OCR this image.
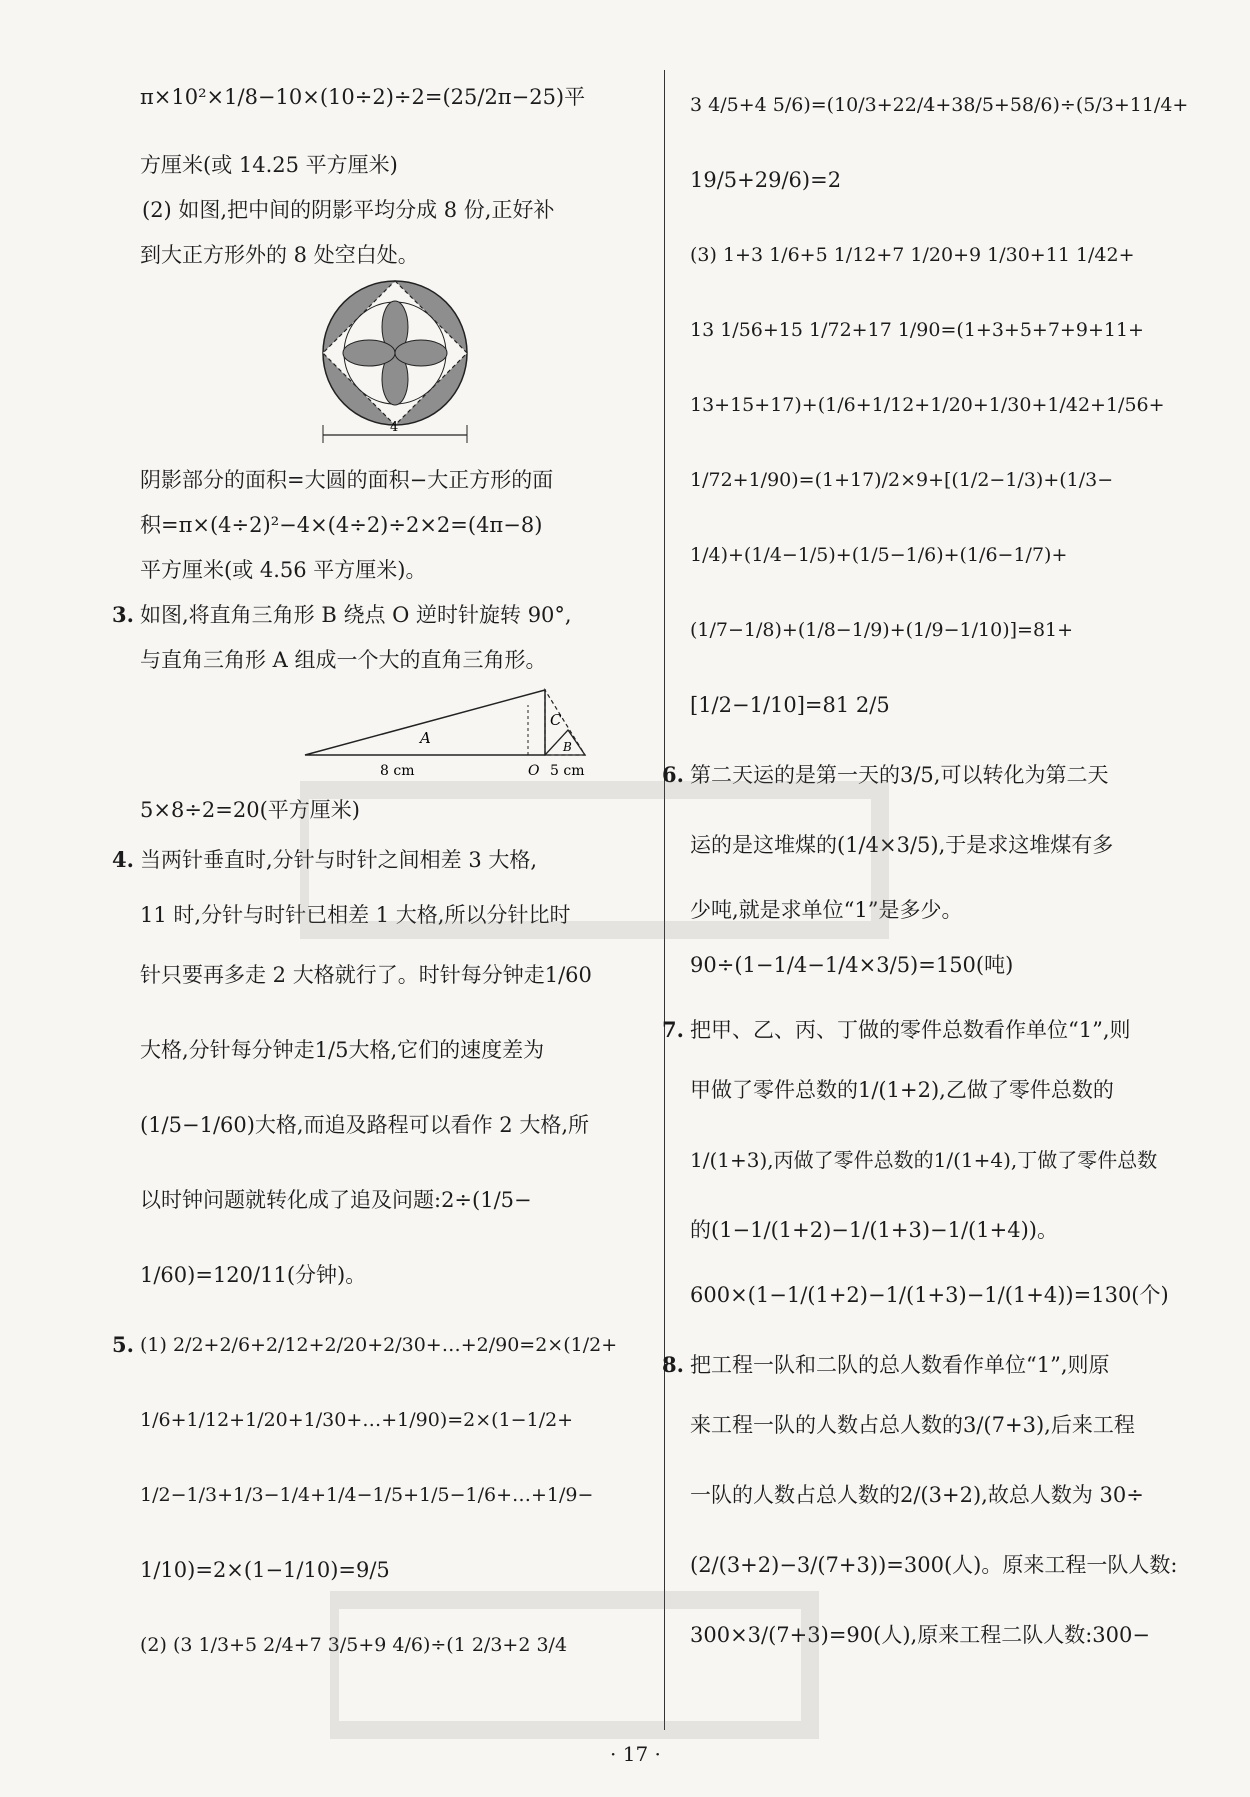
π×10²×1/8−10×(10÷2)÷2=(25/2π−25)平
方厘米(或 14.25 平方厘米)
(2) 如图,把中间的阴影平均分成 8 份,正好补
到大正方形外的 8 处空白处。
4
阴影部分的面积=大圆的面积−大正方形的面
积=π×(4÷2)²−4×(4÷2)÷2×2=(4π−8)
平方厘米(或 4.56 平方厘米)。
3. 如图,将直角三角形 B 绕点 O 逆时针旋转 90°,
与直角三角形 A 组成一个大的直角三角形。
A
C
B
O
8 cm	5 cm
5×8÷2=20(平方厘米)
4. 当两针垂直时,分针与时针之间相差 3 大格,
11 时,分针与时针已相差 1 大格,所以分针比时
针只要再多走 2 大格就行了。时针每分钟走1/60
大格,分针每分钟走1/5大格,它们的速度差为
(1/5−1/60)大格,而追及路程可以看作 2 大格,所
以时钟问题就转化成了追及问题:2÷(1/5−
1/60)=120/11(分钟)。
5. (1) 2/2+2/6+2/12+2/20+2/30+…+2/90=2×(1/2+
1/6+1/12+1/20+1/30+…+1/90)=2×(1−1/2+
1/2−1/3+1/3−1/4+1/4−1/5+1/5−1/6+…+1/9−
1/10)=2×(1−1/10)=9/5
(2) (3 1/3+5 2/4+7 3/5+9 4/6)÷(1 2/3+2 3/4
3 4/5+4 5/6)=(10/3+22/4+38/5+58/6)÷(5/3+11/4+
19/5+29/6)=2
(3) 1+3 1/6+5 1/12+7 1/20+9 1/30+11 1/42+
13 1/56+15 1/72+17 1/90=(1+3+5+7+9+11+
13+15+17)+(1/6+1/12+1/20+1/30+1/42+1/56+
1/72+1/90)=(1+17)/2×9+[(1/2−1/3)+(1/3−
1/4)+(1/4−1/5)+(1/5−1/6)+(1/6−1/7)+
(1/7−1/8)+(1/8−1/9)+(1/9−1/10)]=81+
[1/2−1/10]=81 2/5
6. 第二天运的是第一天的3/5,可以转化为第二天
运的是这堆煤的(1/4×3/5),于是求这堆煤有多
少吨,就是求单位“1”是多少。
90÷(1−1/4−1/4×3/5)=150(吨)
7. 把甲、乙、丙、丁做的零件总数看作单位“1”,则
甲做了零件总数的1/(1+2),乙做了零件总数的
1/(1+3),丙做了零件总数的1/(1+4),丁做了零件总数
的(1−1/(1+2)−1/(1+3)−1/(1+4))。
600×(1−1/(1+2)−1/(1+3)−1/(1+4))=130(个)
8. 把工程一队和二队的总人数看作单位“1”,则原
来工程一队的人数占总人数的3/(7+3),后来工程
一队的人数占总人数的2/(3+2),故总人数为 30÷
(2/(3+2)−3/(7+3))=300(人)。原来工程一队人数:
300×3/(7+3)=90(人),原来工程二队人数:300−
· 17 ·
